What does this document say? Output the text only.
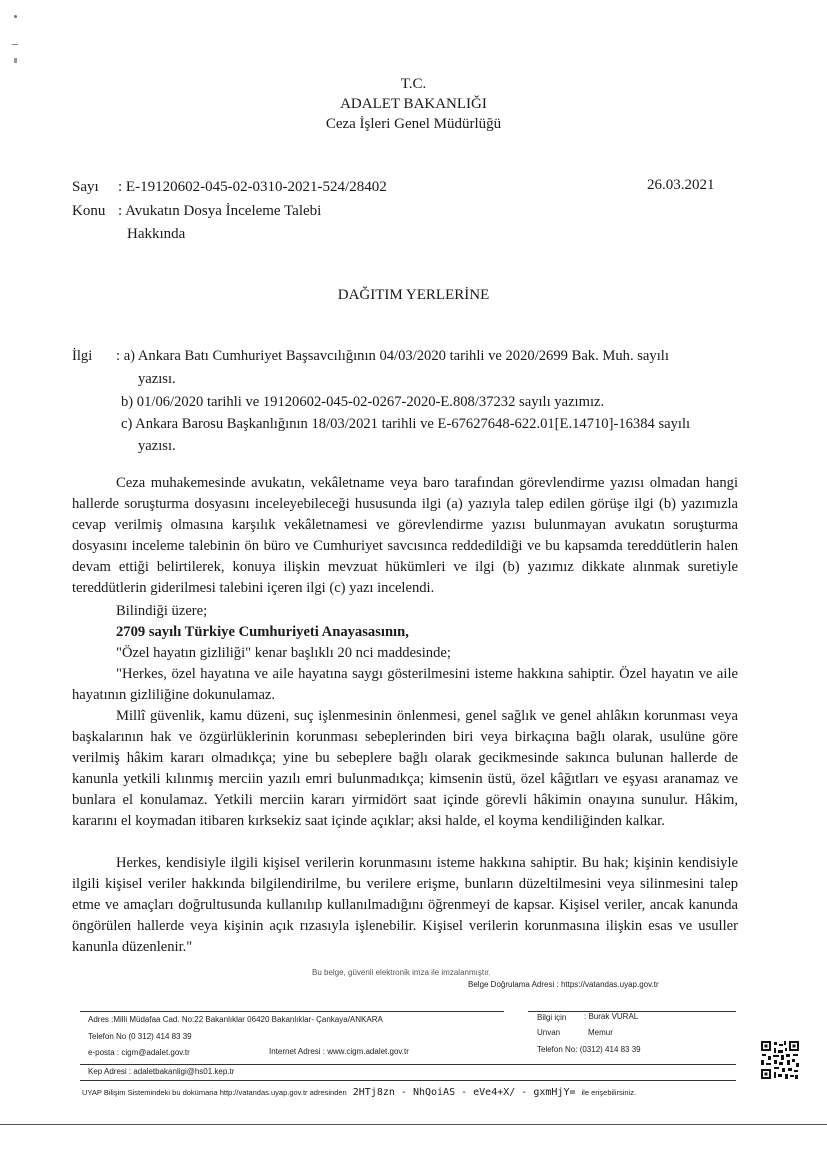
T.C.
ADALET BAKANLIĞI
Ceza İşleri Genel Müdürlüğü
Sayı : E-19120602-045-02-0310-2021-524/28402	26.03.2021
Konu : Avukatın Dosya İnceleme Talebi
Hakkında
DAĞITIM YERLERİNE
İlgi : a) Ankara Batı Cumhuriyet Başsavcılığının 04/03/2020 tarihli ve 2020/2699 Bak. Muh. sayılı
yazısı.
b) 01/06/2020 tarihli ve 19120602-045-02-0267-2020-E.808/37232 sayılı yazımız.
c) Ankara Barosu Başkanlığının 18/03/2021 tarihli ve E-67627648-622.01[E.14710]-16384 sayılı
yazısı.
Ceza muhakemesinde avukatın, vekâletname veya baro tarafından görevlendirme yazısı olmadan hangi hallerde soruşturma dosyasını inceleyebileceği hususunda ilgi (a) yazıyla talep edilen görüşe ilgi (b) yazımızla cevap verilmiş olmasına karşılık vekâletnamesi ve görevlendirme yazısı bulunmayan avukatın soruşturma dosyasını inceleme talebinin ön büro ve Cumhuriyet savcısınca reddedildiği ve bu kapsamda tereddütlerin halen devam ettiği belirtilerek, konuya ilişkin mevzuat hükümleri ve ilgi (b) yazımız dikkate alınmak suretiyle tereddütlerin giderilmesi talebini içeren ilgi (c) yazı incelendi.
Bilindiği üzere;
2709 sayılı Türkiye Cumhuriyeti Anayasasının,
"Özel hayatın gizliliği" kenar başlıklı 20 nci maddesinde;
"Herkes, özel hayatına ve aile hayatına saygı gösterilmesini isteme hakkına sahiptir. Özel hayatın ve aile hayatının gizliliğine dokunulamaz.
Millî güvenlik, kamu düzeni, suç işlenmesinin önlenmesi, genel sağlık ve genel ahlâkın korunması veya başkalarının hak ve özgürlüklerinin korunması sebeplerinden biri veya birkaçına bağlı olarak, usulüne göre verilmiş hâkim kararı olmadıkça; yine bu sebeplere bağlı olarak gecikmesinde sakınca bulunan hallerde de kanunla yetkili kılınmış merciin yazılı emri bulunmadıkça; kimsenin üstü, özel kâğıtları ve eşyası aranamaz ve bunlara el konulamaz. Yetkili merciin kararı yirmidört saat içinde görevli hâkimin onayına sunulur. Hâkim, kararını el koymadan itibaren kırksekiz saat içinde açıklar; aksi halde, el koyma kendiliğinden kalkar.
Herkes, kendisiyle ilgili kişisel verilerin korunmasını isteme hakkına sahiptir. Bu hak; kişinin kendisiyle ilgili kişisel veriler hakkında bilgilendirilme, bu verilere erişme, bunların düzeltilmesini veya silinmesini talep etme ve amaçları doğrultusunda kullanılıp kullanılmadığını öğrenmeyi de kapsar. Kişisel veriler, ancak kanunda öngörülen hallerde veya kişinin açık rızasıyla işlenebilir. Kişisel verilerin korunmasına ilişkin esas ve usuller kanunla düzenlenir."
Bu belge, güvenli elektronik imza ile imzalanmıştır.
Belge Doğrulama Adresi : https://vatandas.uyap.gov.tr
Adres :Milli Müdafaa Cad. No:22 Bakanlıklar 06420 Bakanlıklar- Çankaya/ANKARA
Telefon No (0 312) 414 83 39
e-posta : cigm@adalet.gov.tr	Internet Adresi : www.cigm.adalet.gov.tr
Bilgi için : Burak VURAL
Unvan	Memur
Telefon No: (0312) 414 83 39
Kep Adresi : adaletbakanligi@hs01.kep.tr
UYAP Bilişim Sistemindeki bu dokümana http://vatandas.uyap.gov.tr adresinden 2HTj8zn - NhQoiAS - eVe4+X/ - gxmHjY= ile erişebilirsiniz.
